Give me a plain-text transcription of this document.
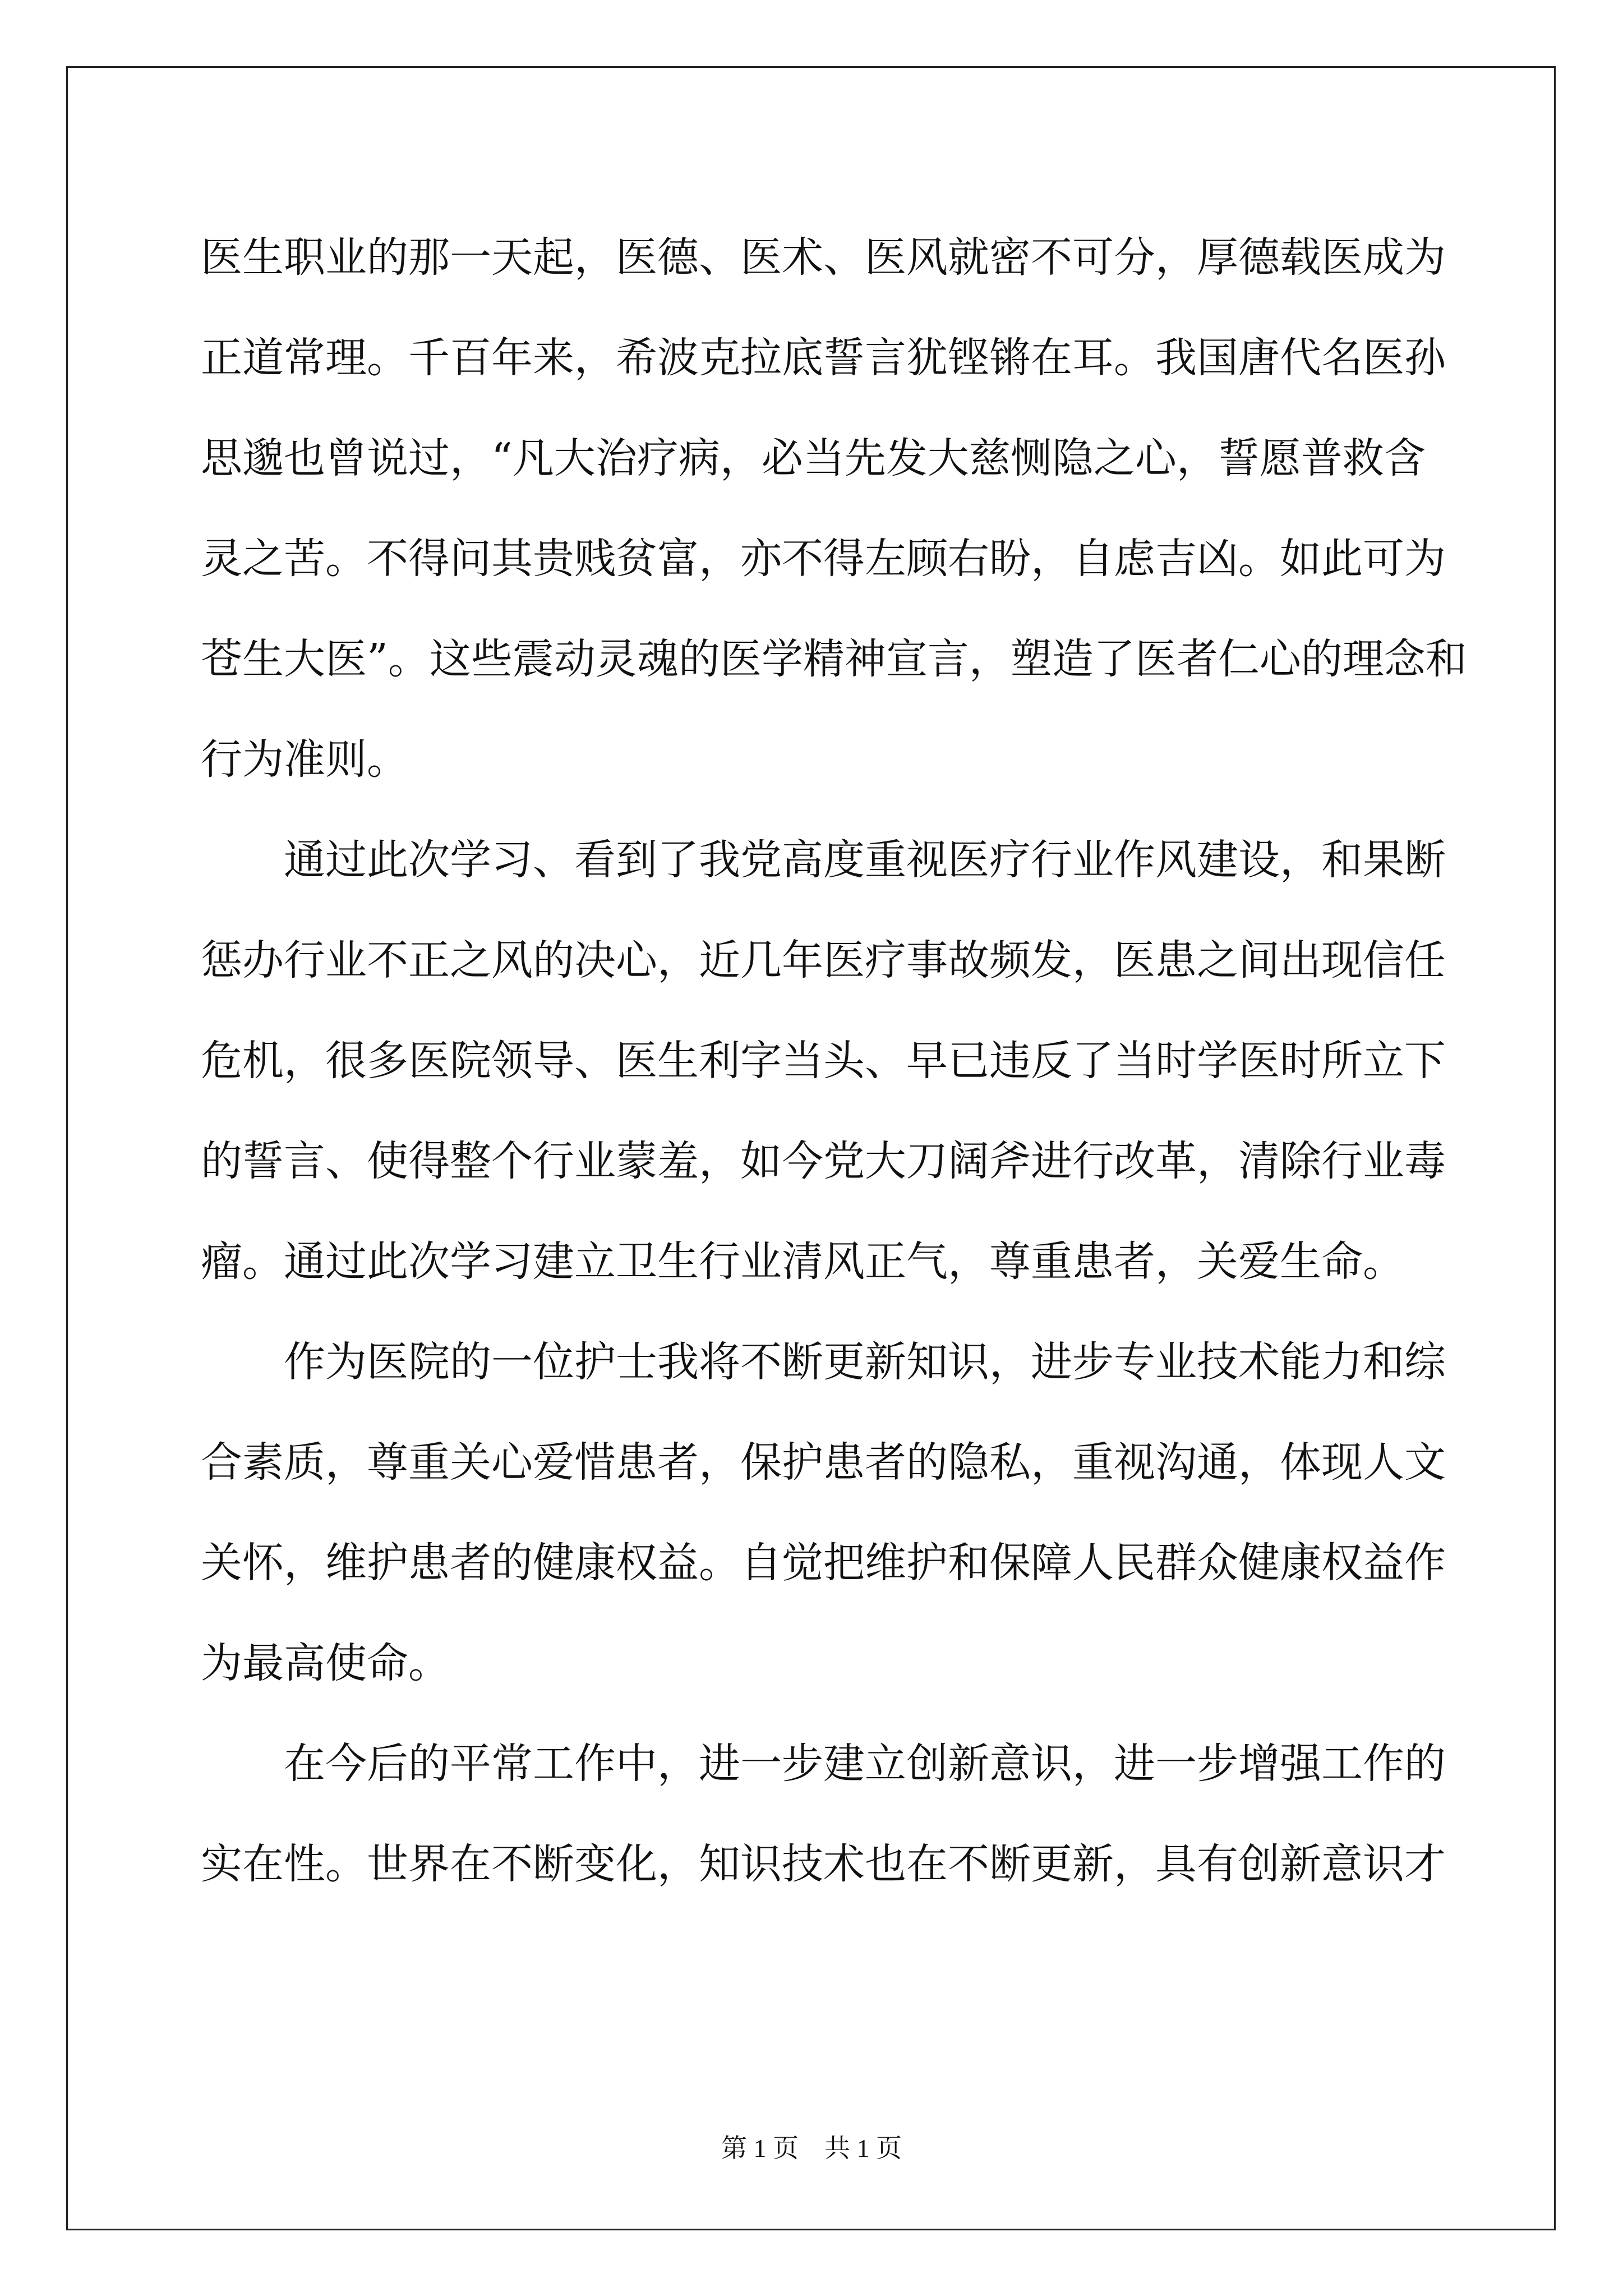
医生职业的那一天起，医德、医术、医风就密不可分，厚德载医成为
正道常理。千百年来，希波克拉底誓言犹铿锵在耳。我国唐代名医孙
思邈也曾说过，“凡大治疗病，必当先发大慈恻隐之心，誓愿普救含
灵之苦。不得问其贵贱贫富，亦不得左顾右盼，自虑吉凶。如此可为
苍生大医”。这些震动灵魂的医学精神宣言，塑造了医者仁心的理念和
行为准则。
　　通过此次学习、看到了我党高度重视医疗行业作风建设，和果断
惩办行业不正之风的决心，近几年医疗事故频发，医患之间出现信任
危机，很多医院领导、医生利字当头、早已违反了当时学医时所立下
的誓言、使得整个行业蒙羞，如今党大刀阔斧进行改革，清除行业毒
瘤。通过此次学习建立卫生行业清风正气，尊重患者，关爱生命。
　　作为医院的一位护士我将不断更新知识，进步专业技术能力和综
合素质，尊重关心爱惜患者，保护患者的隐私，重视沟通，体现人文
关怀，维护患者的健康权益。自觉把维护和保障人民群众健康权益作
为最高使命。
　　在今后的平常工作中，进一步建立创新意识，进一步增强工作的
实在性。世界在不断变化，知识技术也在不断更新，具有创新意识才
第 1 页　共 1 页
